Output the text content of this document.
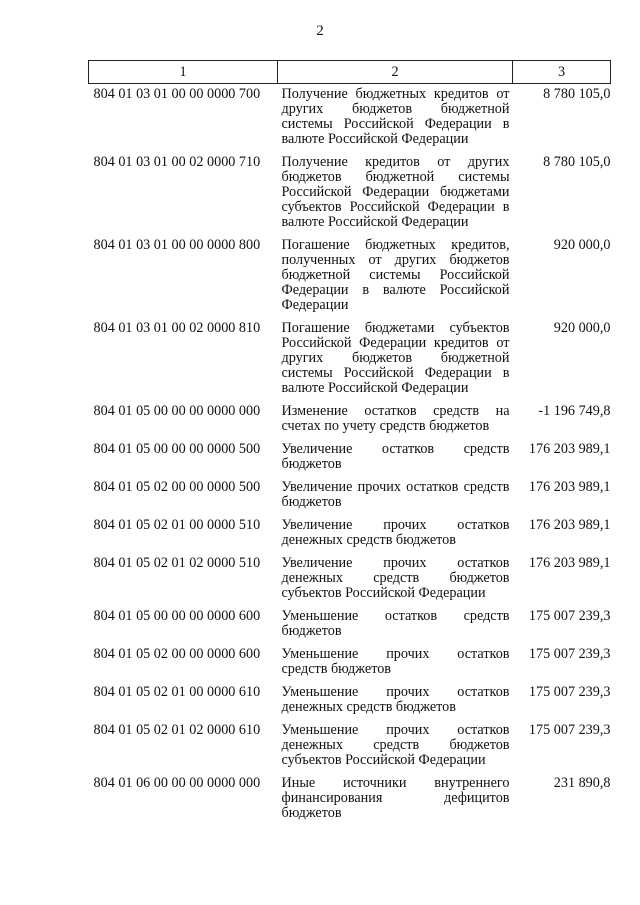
2
1	2	3
804 01 03 01 00 00 0000 700	Получение бюджетных кредитов от других бюджетов бюджетной системы Российской Федерации в валюте Российской Федерации	8 780 105,0
804 01 03 01 00 02 0000 710	Получение кредитов от других бюджетов бюджетной системы Российской Федерации бюджетами субъектов Российской Федерации в валюте Российской Федерации	8 780 105,0
804 01 03 01 00 00 0000 800	Погашение бюджетных кредитов, полученных от других бюджетов бюджетной системы Российской Федерации в валюте Российской Федерации	920 000,0
804 01 03 01 00 02 0000 810	Погашение бюджетами субъектов Российской Федерации кредитов от других бюджетов бюджетной системы Российской Федерации в валюте Российской Федерации	920 000,0
804 01 05 00 00 00 0000 000	Изменение остатков средств на счетах по учету средств бюджетов	-1 196 749,8
804 01 05 00 00 00 0000 500	Увеличение остатков средств бюджетов	176 203 989,1
804 01 05 02 00 00 0000 500	Увеличение прочих остатков средств бюджетов	176 203 989,1
804 01 05 02 01 00 0000 510	Увеличение прочих остатков денежных средств бюджетов	176 203 989,1
804 01 05 02 01 02 0000 510	Увеличение прочих остатков денежных средств бюджетов субъектов Российской Федерации	176 203 989,1
804 01 05 00 00 00 0000 600	Уменьшение остатков средств бюджетов	175 007 239,3
804 01 05 02 00 00 0000 600	Уменьшение прочих остатков средств бюджетов	175 007 239,3
804 01 05 02 01 00 0000 610	Уменьшение прочих остатков денежных средств бюджетов	175 007 239,3
804 01 05 02 01 02 0000 610	Уменьшение прочих остатков денежных средств бюджетов субъектов Российской Федерации	175 007 239,3
804 01 06 00 00 00 0000 000	Иные источники внутреннего финансирования дефицитов бюджетов	231 890,8
